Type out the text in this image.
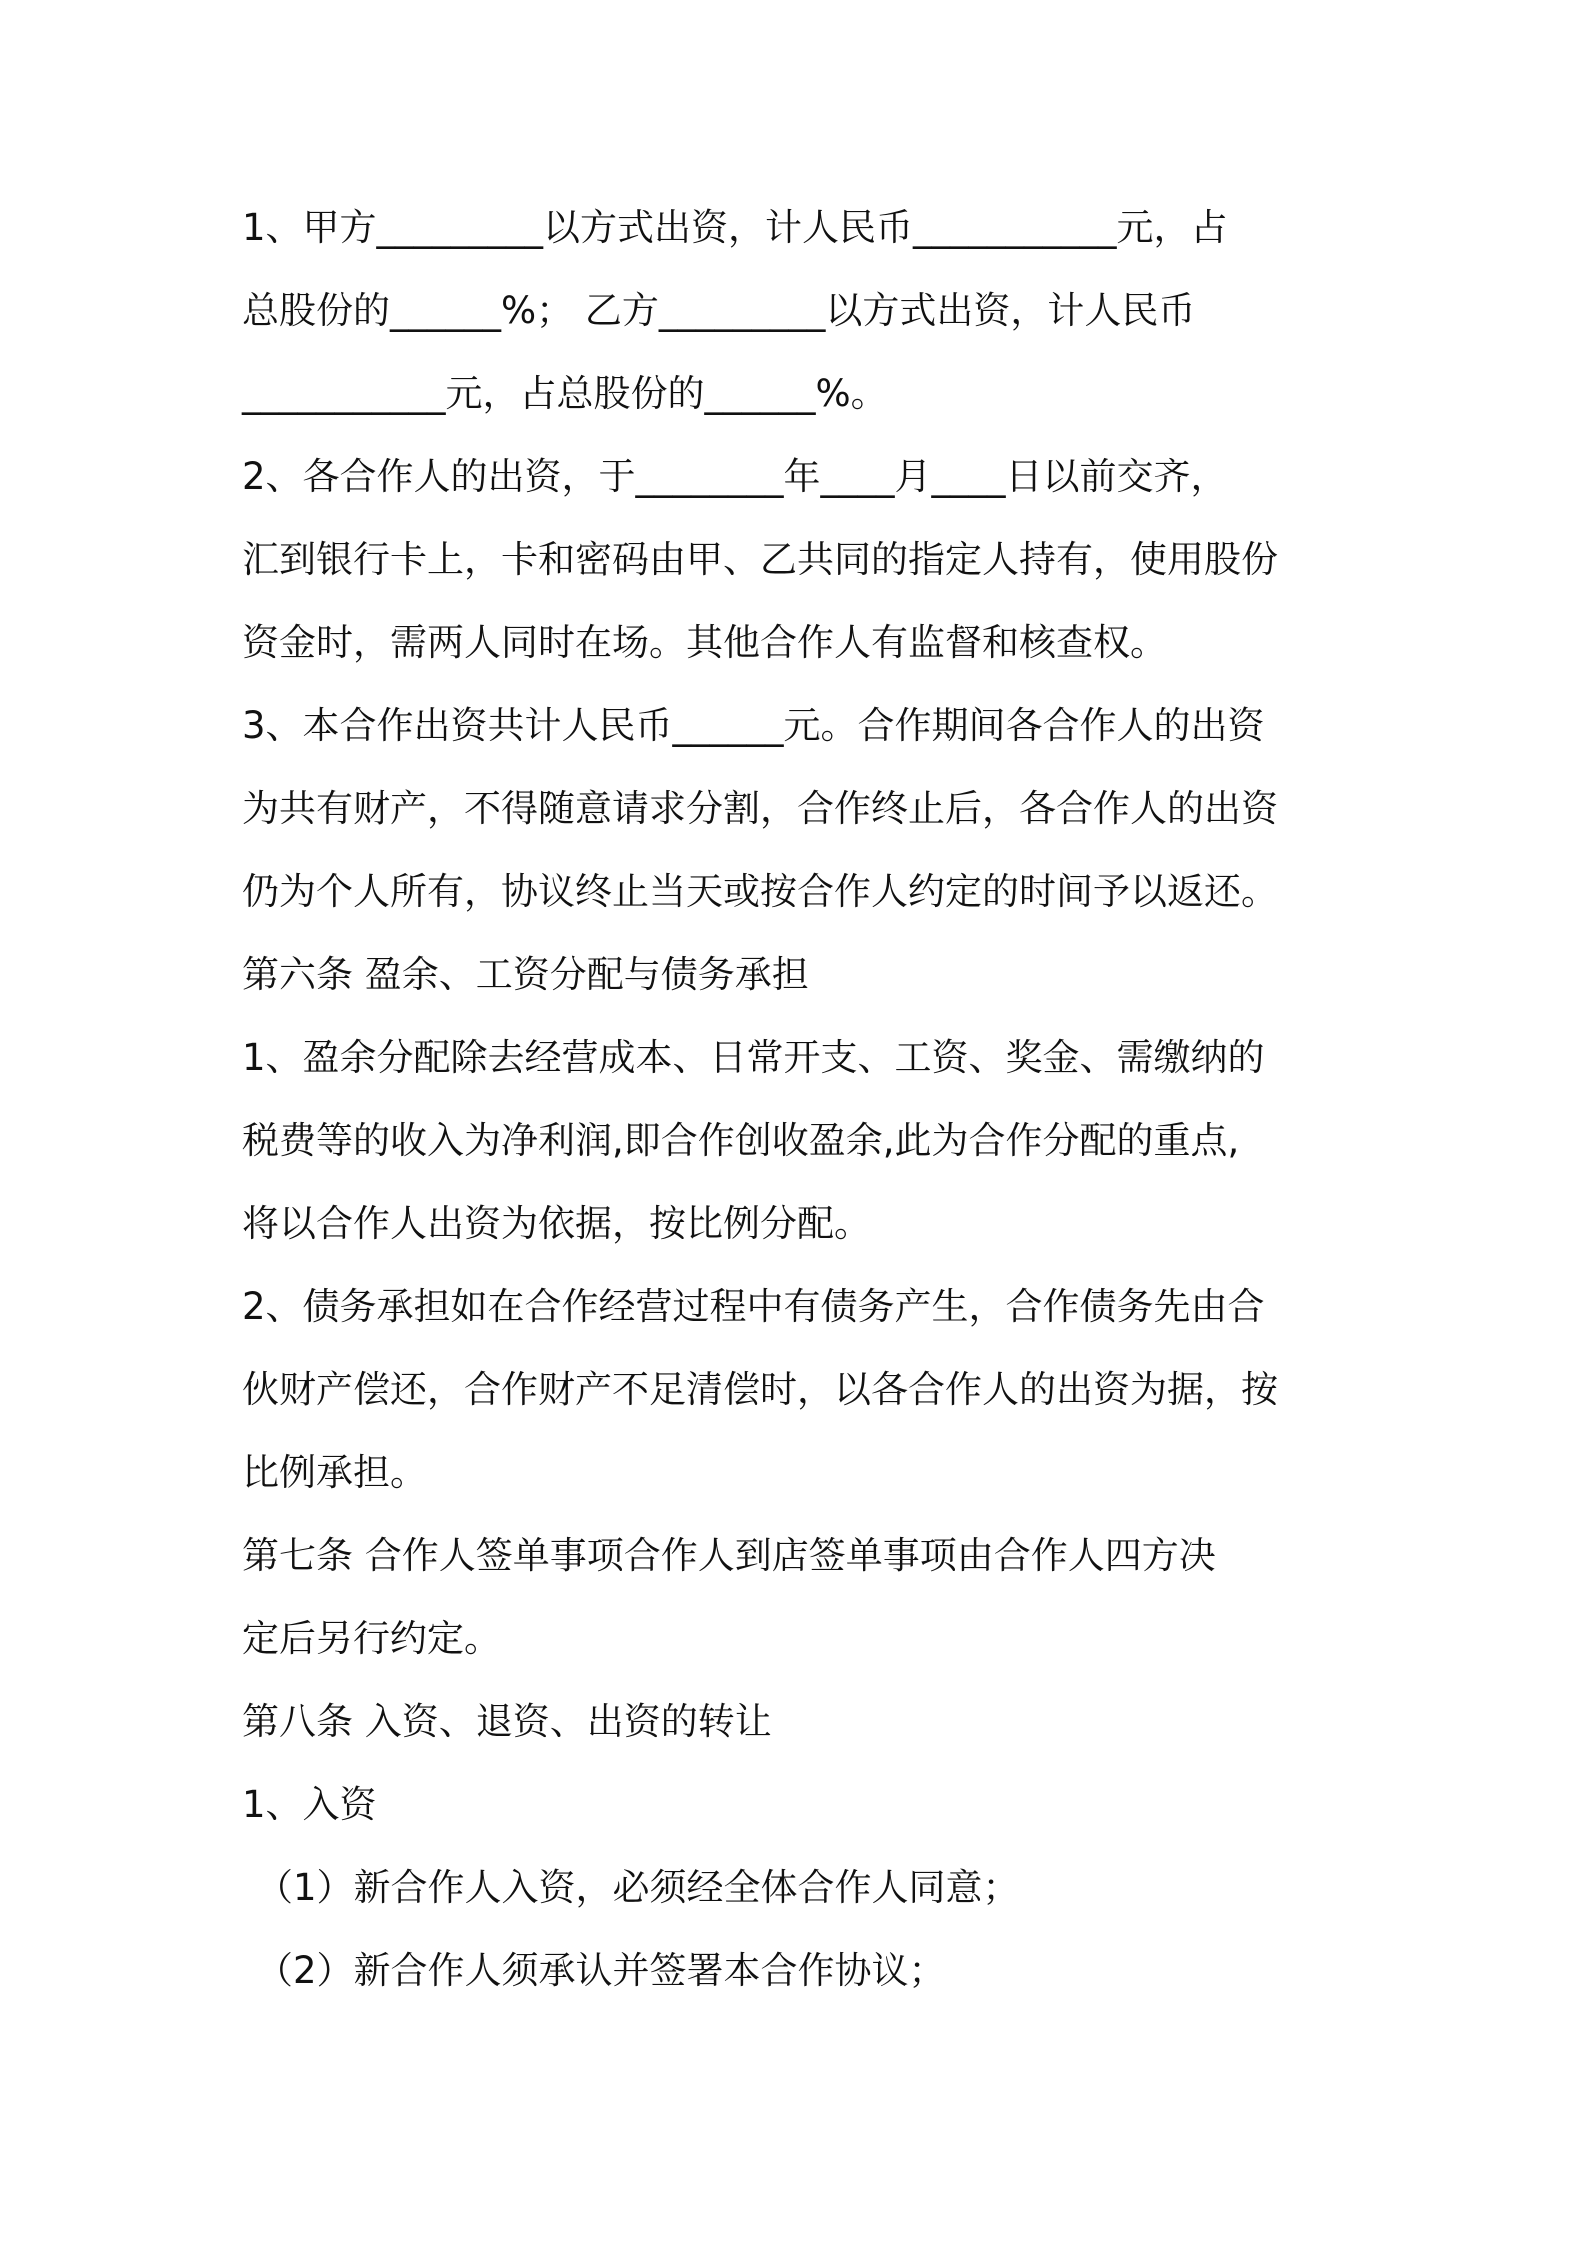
1、甲方_________以方式出资，计人民币___________元，占
总股份的______%； 乙方_________以方式出资，计人民币
___________元，占总股份的______%。
2、各合作人的出资，于________年____月____日以前交齐，
汇到银行卡上，卡和密码由甲、乙共同的指定人持有，使用股份
资金时，需两人同时在场。其他合作人有监督和核查权。
3、本合作出资共计人民币______元。合作期间各合作人的出资
为共有财产，不得随意请求分割，合作终止后，各合作人的出资
仍为个人所有，协议终止当天或按合作人约定的时间予以返还。
第六条 盈余、工资分配与债务承担
1、盈余分配除去经营成本、日常开支、工资、奖金、需缴纳的
税费等的收入为净利润,即合作创收盈余,此为合作分配的重点,
将以合作人出资为依据，按比例分配。
2、债务承担如在合作经营过程中有债务产生，合作债务先由合
伙财产偿还，合作财产不足清偿时，以各合作人的出资为据，按
比例承担。
第七条 合作人签单事项合作人到店签单事项由合作人四方决
定后另行约定。
第八条 入资、退资、出资的转让
1、入资
（1）新合作人入资，必须经全体合作人同意；
（2）新合作人须承认并签署本合作协议；
